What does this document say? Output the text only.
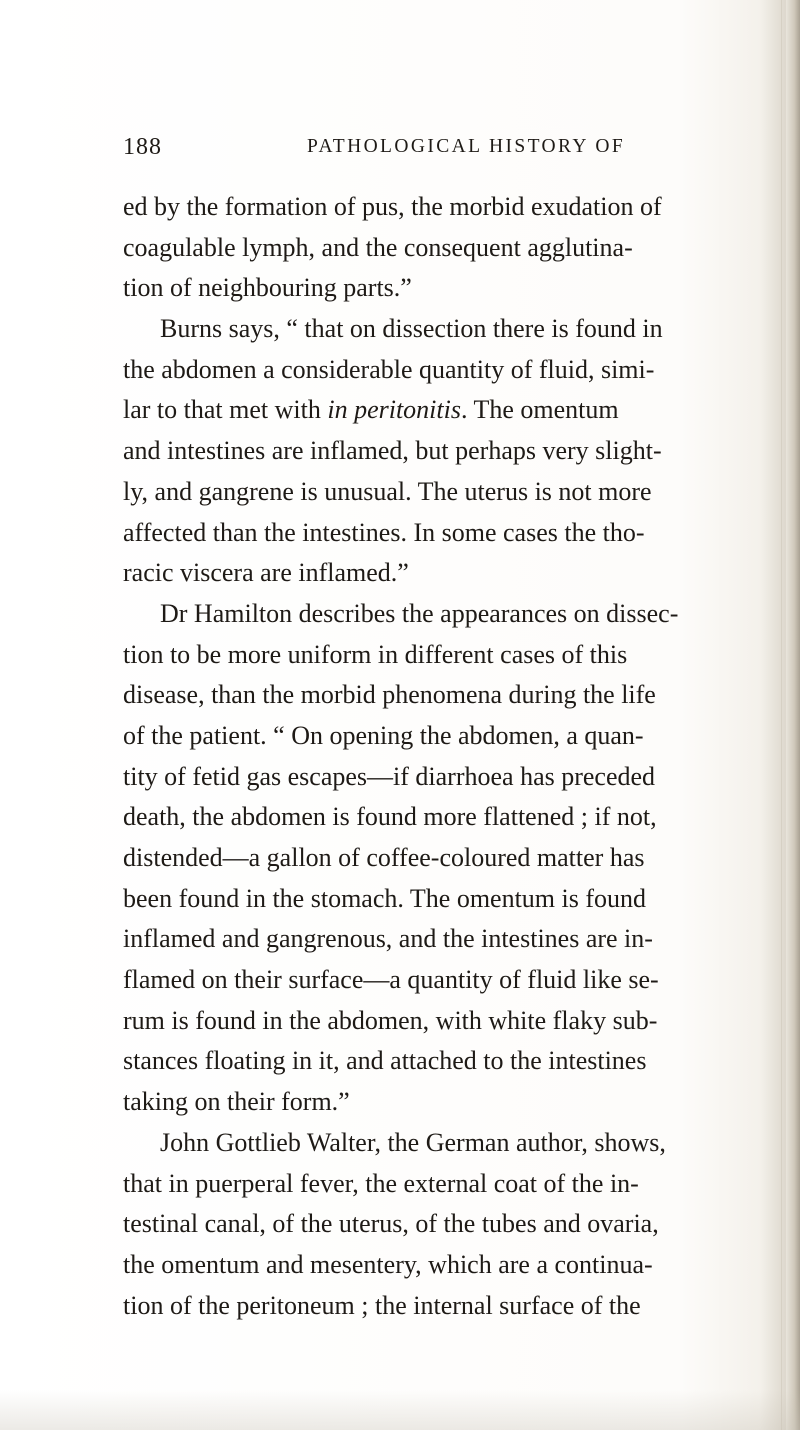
188	PATHOLOGICAL HISTORY OF
ed by the formation of pus, the morbid exudation of
coagulable lymph, and the consequent agglutina-
tion of neighbouring parts.”
Burns says, “ that on dissection there is found in
the abdomen a considerable quantity of fluid, simi-
lar to that met with in peritonitis. The omentum
and intestines are inflamed, but perhaps very slight-
ly, and gangrene is unusual. The uterus is not more
affected than the intestines. In some cases the tho-
racic viscera are inflamed.”
Dr Hamilton describes the appearances on dissec-
tion to be more uniform in different cases of this
disease, than the morbid phenomena during the life
of the patient. “ On opening the abdomen, a quan-
tity of fetid gas escapes—if diarrhoea has preceded
death, the abdomen is found more flattened ; if not,
distended—a gallon of coffee-coloured matter has
been found in the stomach. The omentum is found
inflamed and gangrenous, and the intestines are in-
flamed on their surface—a quantity of fluid like se-
rum is found in the abdomen, with white flaky sub-
stances floating in it, and attached to the intestines
taking on their form.”
John Gottlieb Walter, the German author, shows,
that in puerperal fever, the external coat of the in-
testinal canal, of the uterus, of the tubes and ovaria,
the omentum and mesentery, which are a continua-
tion of the peritoneum ; the internal surface of the
